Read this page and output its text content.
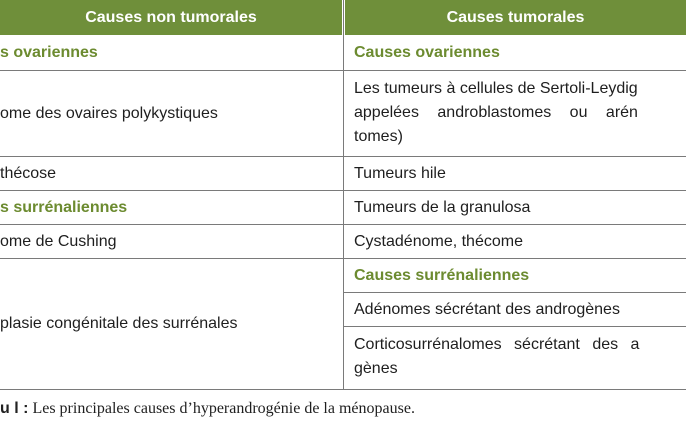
Causes non tumorales	Causes tumorales
s ovariennes
ome des ovaires polykystiques
thécose
s surrénaliennes
ome de Cushing
plasie congénitale des surrénales
Causes ovariennes
Les tumeurs à cellules de Sertoli-Leydig
appelées androblastomes ou arén
tomes)
Tumeurs hile
Tumeurs de la granulosa
Cystadénome, thécome
Causes surrénaliennes
Adénomes sécrétant des androgènes
Corticosurrénalomes sécrétant des a
gènes
u l : Les principales causes d’hyperandrogénie de la ménopause.
